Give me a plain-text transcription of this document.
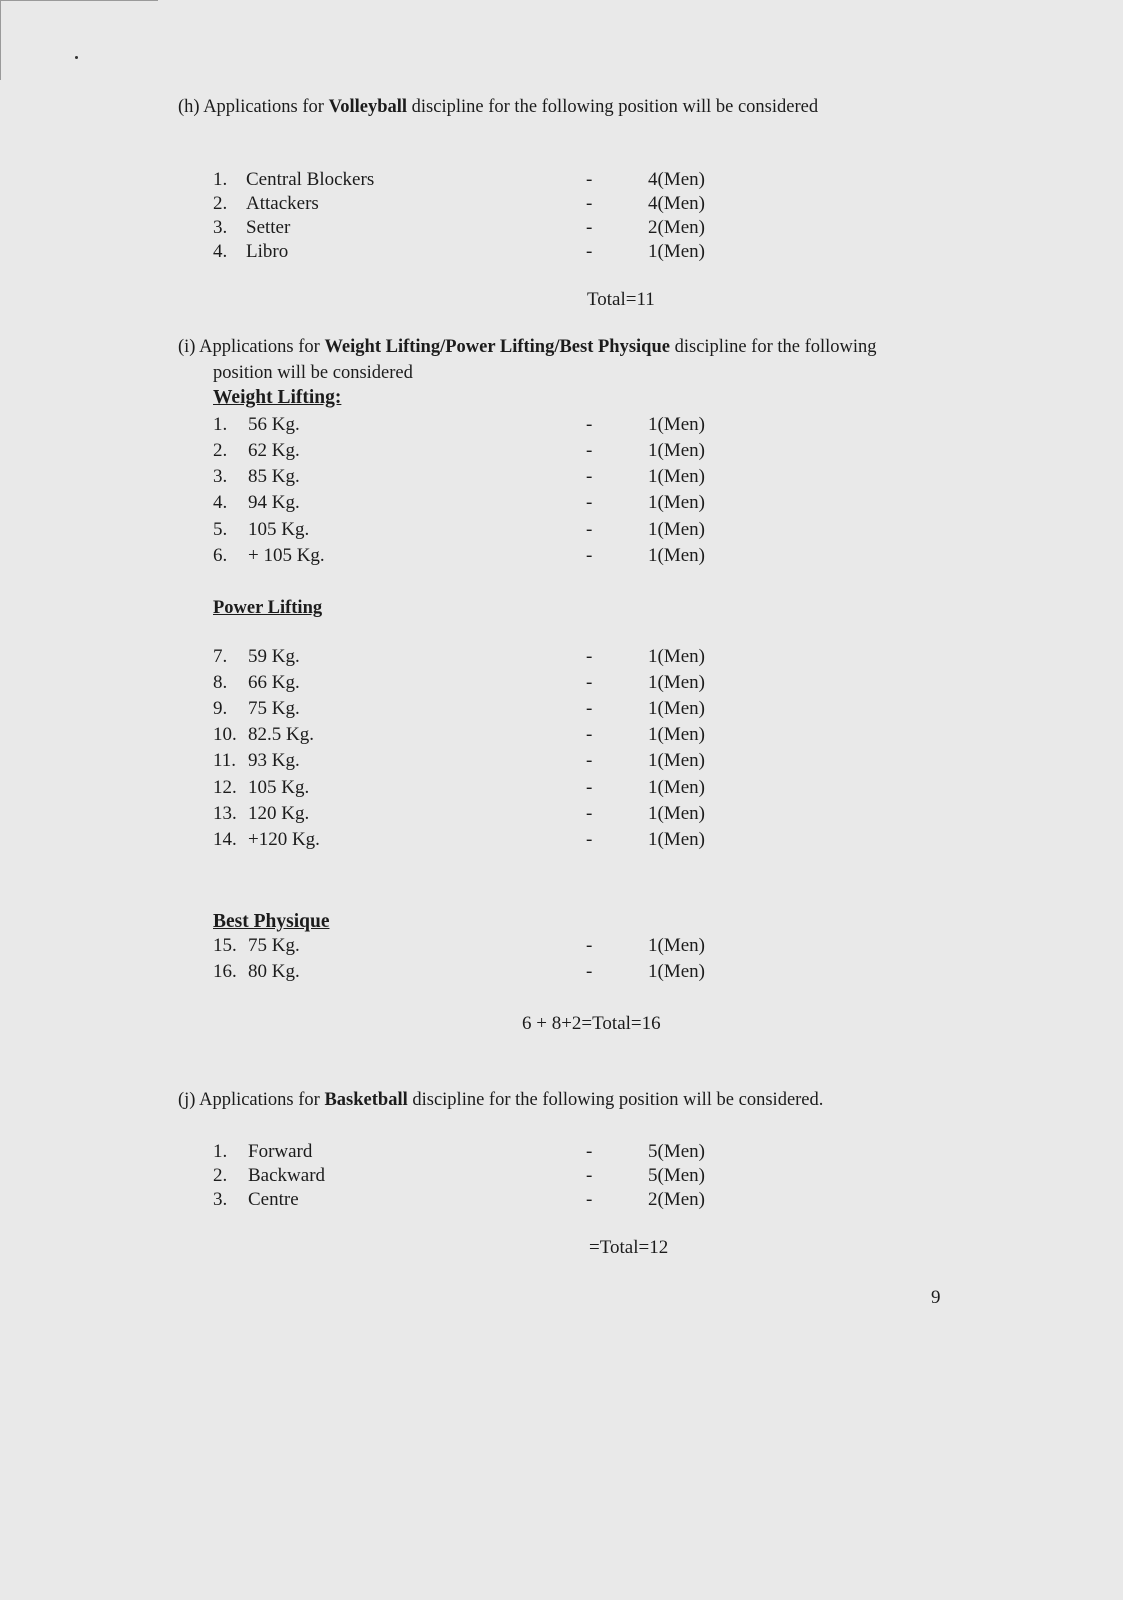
(h) Applications for Volleyball discipline for the following position will be considered
1. Central Blockers	-	4(Men)
2. Attackers	-	4(Men)
3. Setter	-	2(Men)
4. Libro	-	1(Men)
Total=11
(i) Applications for Weight Lifting/Power Lifting/Best Physique discipline for the following
position will be considered
Weight Lifting:
1. 56 Kg.	-	1(Men)
2. 62 Kg.	-	1(Men)
3. 85 Kg.	-	1(Men)
4. 94 Kg.	-	1(Men)
5. 105 Kg.	-	1(Men)
6. + 105 Kg.	-	1(Men)
Power Lifting
7. 59 Kg.	-	1(Men)
8. 66 Kg.	-	1(Men)
9. 75 Kg.	-	1(Men)
10. 82.5 Kg.	-	1(Men)
11. 93 Kg.	-	1(Men)
12. 105 Kg.	-	1(Men)
13. 120 Kg.	-	1(Men)
14. +120 Kg.	-	1(Men)
Best Physique
15. 75 Kg.	-	1(Men)
16. 80 Kg.	-	1(Men)
6 + 8+2=Total=16
(j) Applications for Basketball discipline for the following position will be considered.
1. Forward	-	5(Men)
2. Backward	-	5(Men)
3. Centre	-	2(Men)
=Total=12
9
